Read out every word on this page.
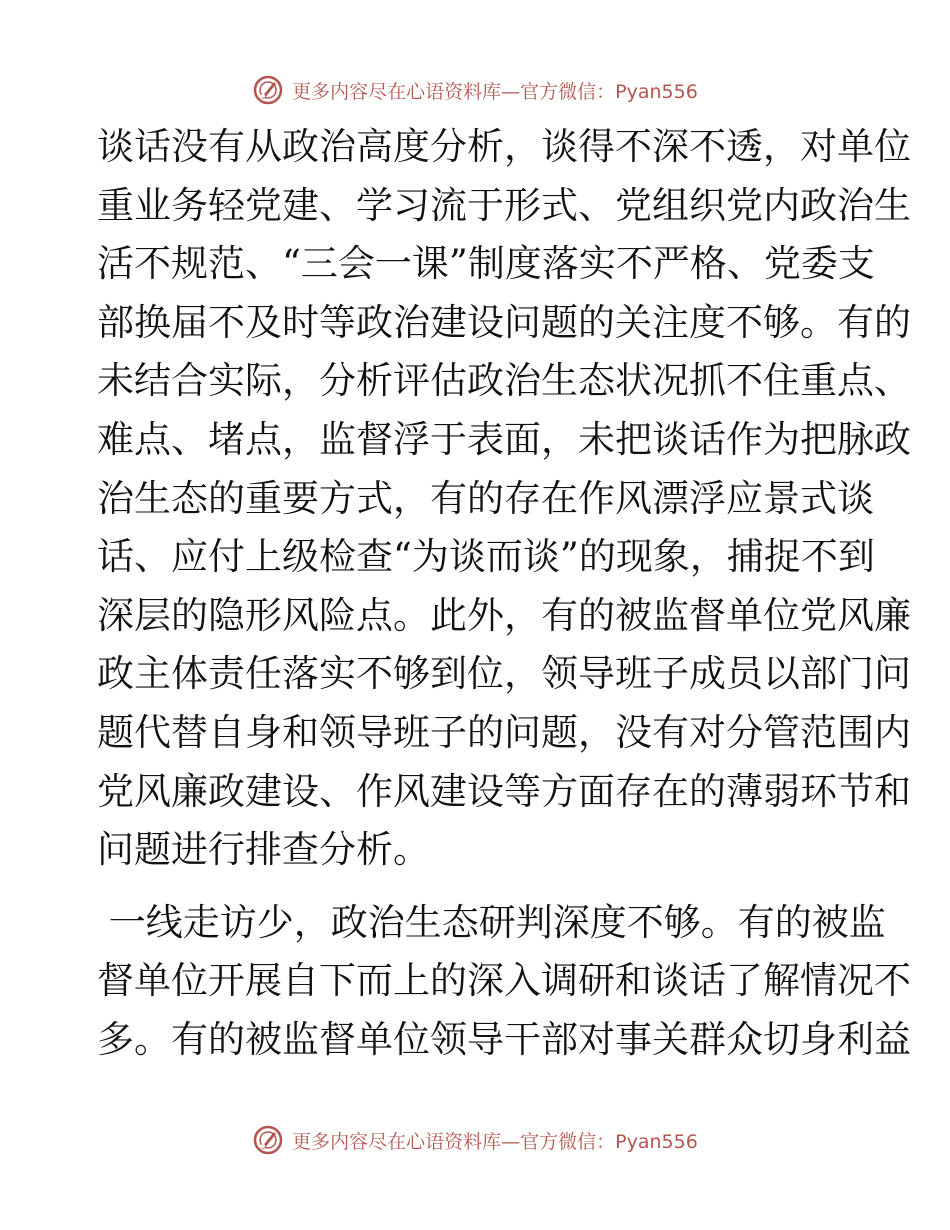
更多内容尽在心语资料库—官方微信：Pyan556
谈话没有从政治高度分析，谈得不深不透，对单位
重业务轻党建、学习流于形式、党组织党内政治生
活不规范、“三会一课”制度落实不严格、党委支
部换届不及时等政治建设问题的关注度不够。有的
未结合实际，分析评估政治生态状况抓不住重点、
难点、堵点，监督浮于表面，未把谈话作为把脉政
治生态的重要方式，有的存在作风漂浮应景式谈
话、应付上级检查“为谈而谈”的现象，捕捉不到
深层的隐形风险点。此外，有的被监督单位党风廉
政主体责任落实不够到位，领导班子成员以部门问
题代替自身和领导班子的问题，没有对分管范围内
党风廉政建设、作风建设等方面存在的薄弱环节和
问题进行排查分析。
一线走访少，政治生态研判深度不够。有的被监
督单位开展自下而上的深入调研和谈话了解情况不
多。有的被监督单位领导干部对事关群众切身利益
更多内容尽在心语资料库—官方微信：Pyan556
